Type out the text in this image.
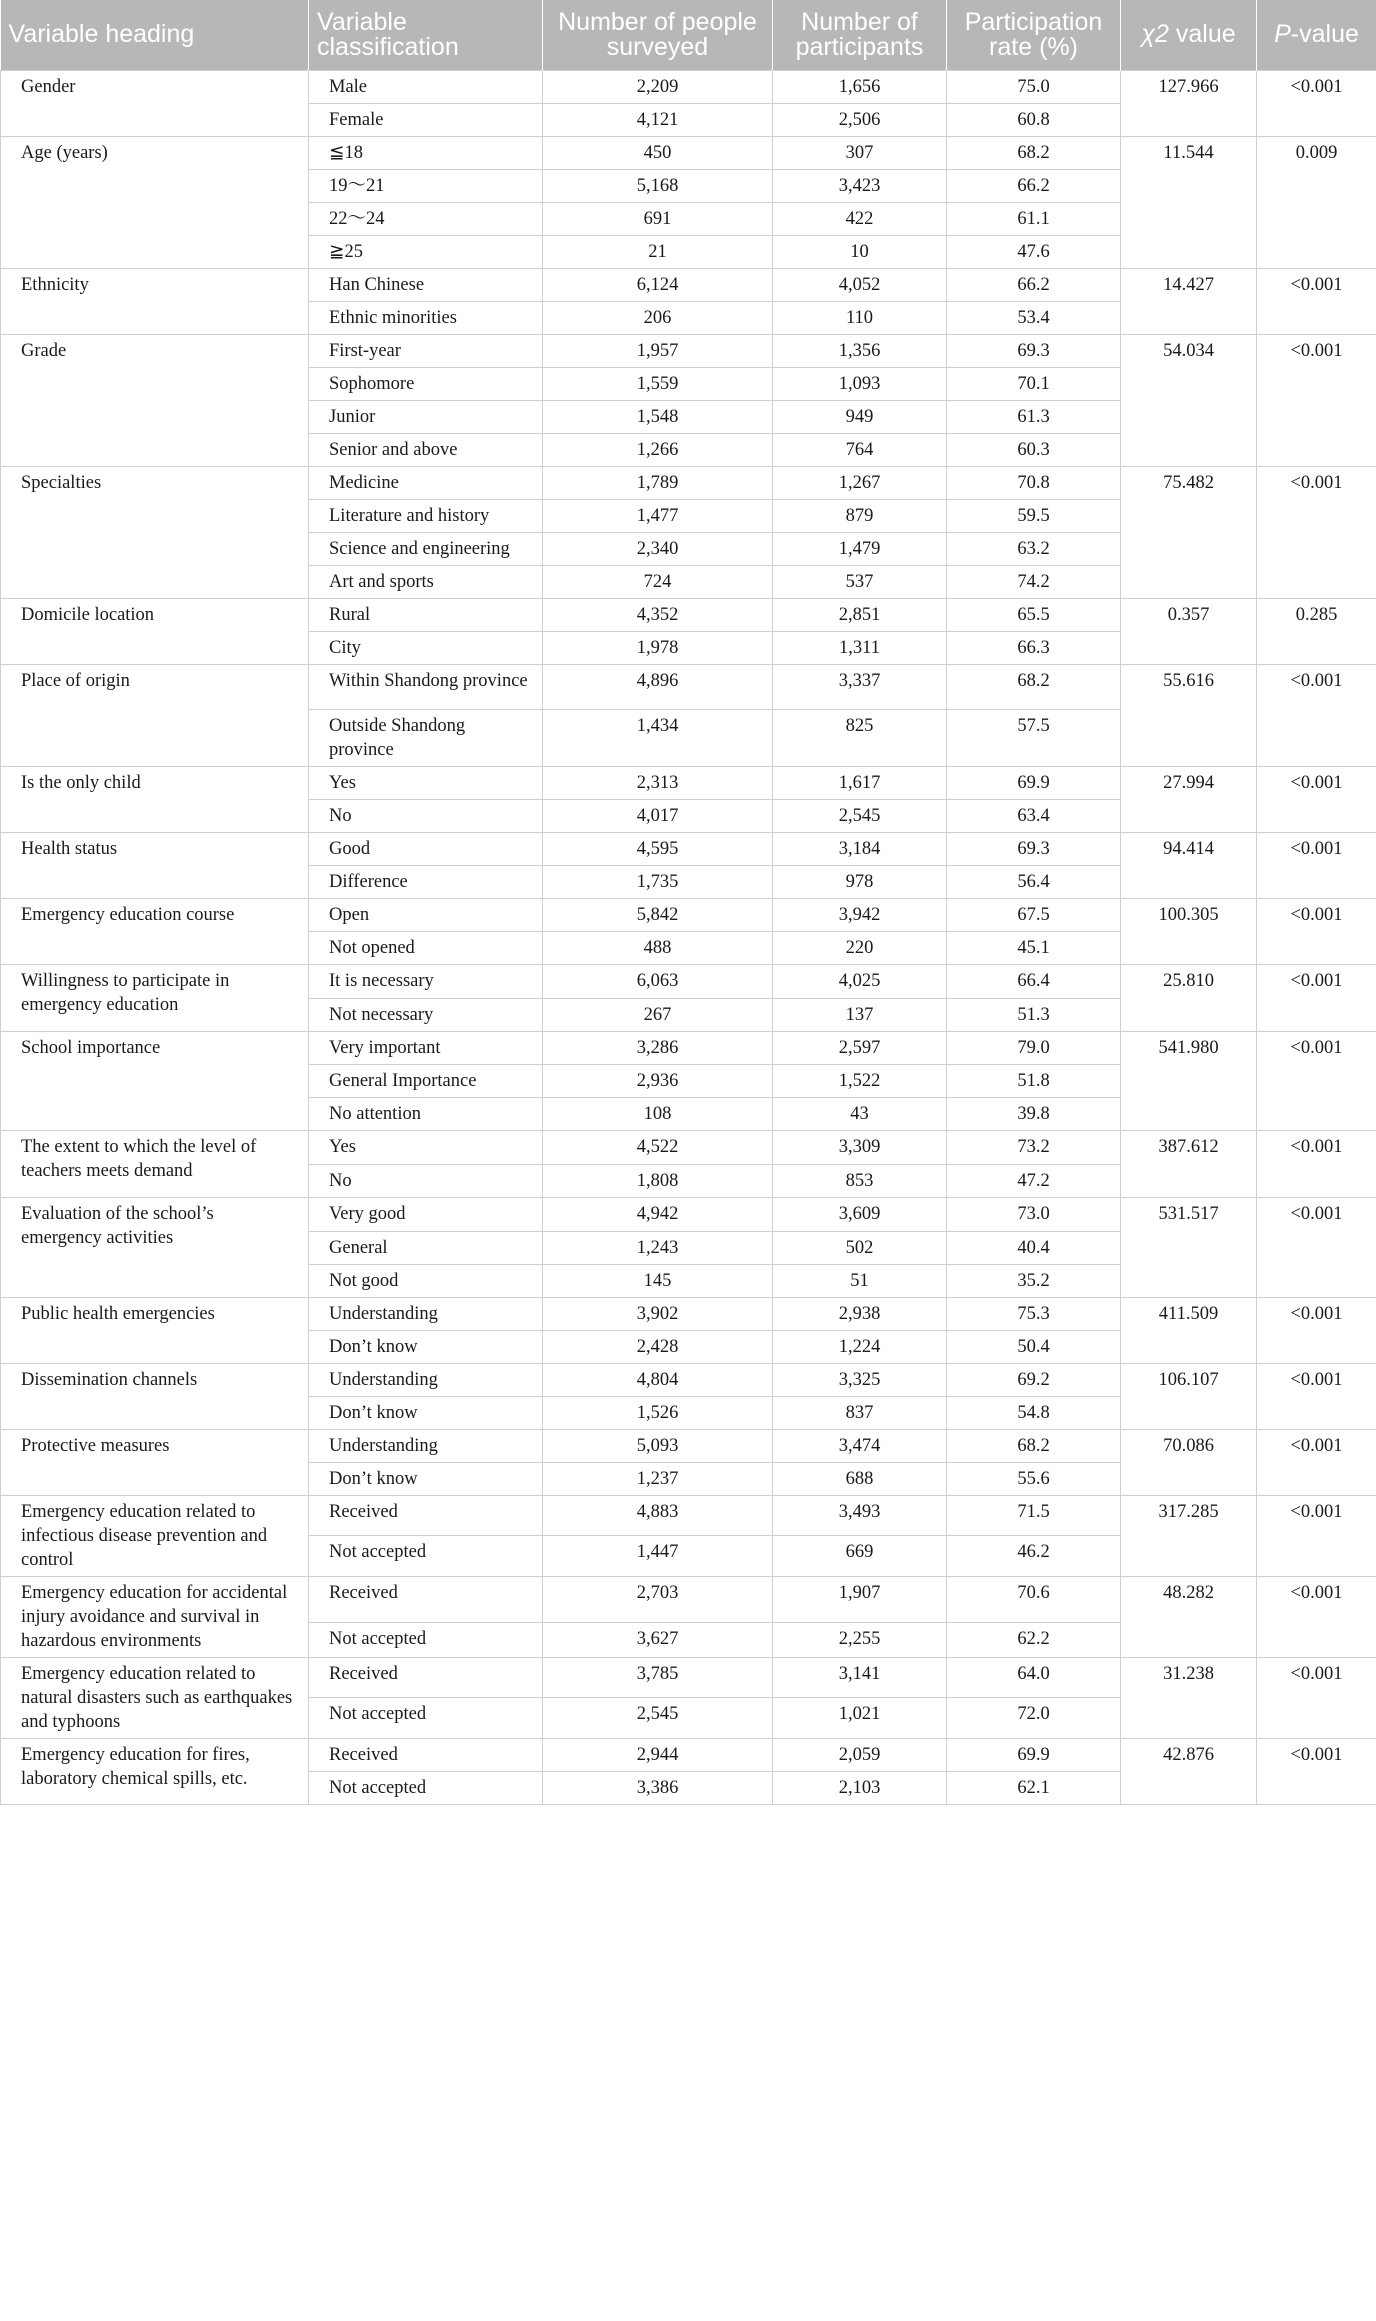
Variable heading	Variable classification	Number of people surveyed	Number of participants	Participation rate (%)	χ2 value	P-value
Gender	Male	2,209	1,656	75.0	127.966	<0.001
	Female	4,121	2,506	60.8		
Age (years)	≦18	450	307	68.2	11.544	0.009
	19～21	5,168	3,423	66.2		
	22～24	691	422	61.1		
	≧25	21	10	47.6		
Ethnicity	Han Chinese	6,124	4,052	66.2	14.427	<0.001
	Ethnic minorities	206	110	53.4		
Grade	First-year	1,957	1,356	69.3	54.034	<0.001
	Sophomore	1,559	1,093	70.1		
	Junior	1,548	949	61.3		
	Senior and above	1,266	764	60.3		
Specialties	Medicine	1,789	1,267	70.8	75.482	<0.001
	Literature and history	1,477	879	59.5		
	Science and engineering	2,340	1,479	63.2		
	Art and sports	724	537	74.2		
Domicile location	Rural	4,352	2,851	65.5	0.357	0.285
	City	1,978	1,311	66.3		
Place of origin	Within Shandong province	4,896	3,337	68.2	55.616	<0.001
	Outside Shandong province	1,434	825	57.5		
Is the only child	Yes	2,313	1,617	69.9	27.994	<0.001
	No	4,017	2,545	63.4		
Health status	Good	4,595	3,184	69.3	94.414	<0.001
	Difference	1,735	978	56.4		
Emergency education course	Open	5,842	3,942	67.5	100.305	<0.001
	Not opened	488	220	45.1		
Willingness to participate in emergency education	It is necessary	6,063	4,025	66.4	25.810	<0.001
	Not necessary	267	137	51.3		
School importance	Very important	3,286	2,597	79.0	541.980	<0.001
	General Importance	2,936	1,522	51.8		
	No attention	108	43	39.8		
The extent to which the level of teachers meets demand	Yes	4,522	3,309	73.2	387.612	<0.001
	No	1,808	853	47.2		
Evaluation of the school’s emergency activities	Very good	4,942	3,609	73.0	531.517	<0.001
	General	1,243	502	40.4		
	Not good	145	51	35.2		
Public health emergencies	Understanding	3,902	2,938	75.3	411.509	<0.001
	Don’t know	2,428	1,224	50.4		
Dissemination channels	Understanding	4,804	3,325	69.2	106.107	<0.001
	Don’t know	1,526	837	54.8		
Protective measures	Understanding	5,093	3,474	68.2	70.086	<0.001
	Don’t know	1,237	688	55.6		
Emergency education related to infectious disease prevention and control	Received	4,883	3,493	71.5	317.285	<0.001
	Not accepted	1,447	669	46.2		
Emergency education for accidental injury avoidance and survival in hazardous environments	Received	2,703	1,907	70.6	48.282	<0.001
	Not accepted	3,627	2,255	62.2		
Emergency education related to natural disasters such as earthquakes and typhoons	Received	3,785	3,141	64.0	31.238	<0.001
	Not accepted	2,545	1,021	72.0		
Emergency education for fires, laboratory chemical spills, etc.	Received	2,944	2,059	69.9	42.876	<0.001
	Not accepted	3,386	2,103	62.1		
